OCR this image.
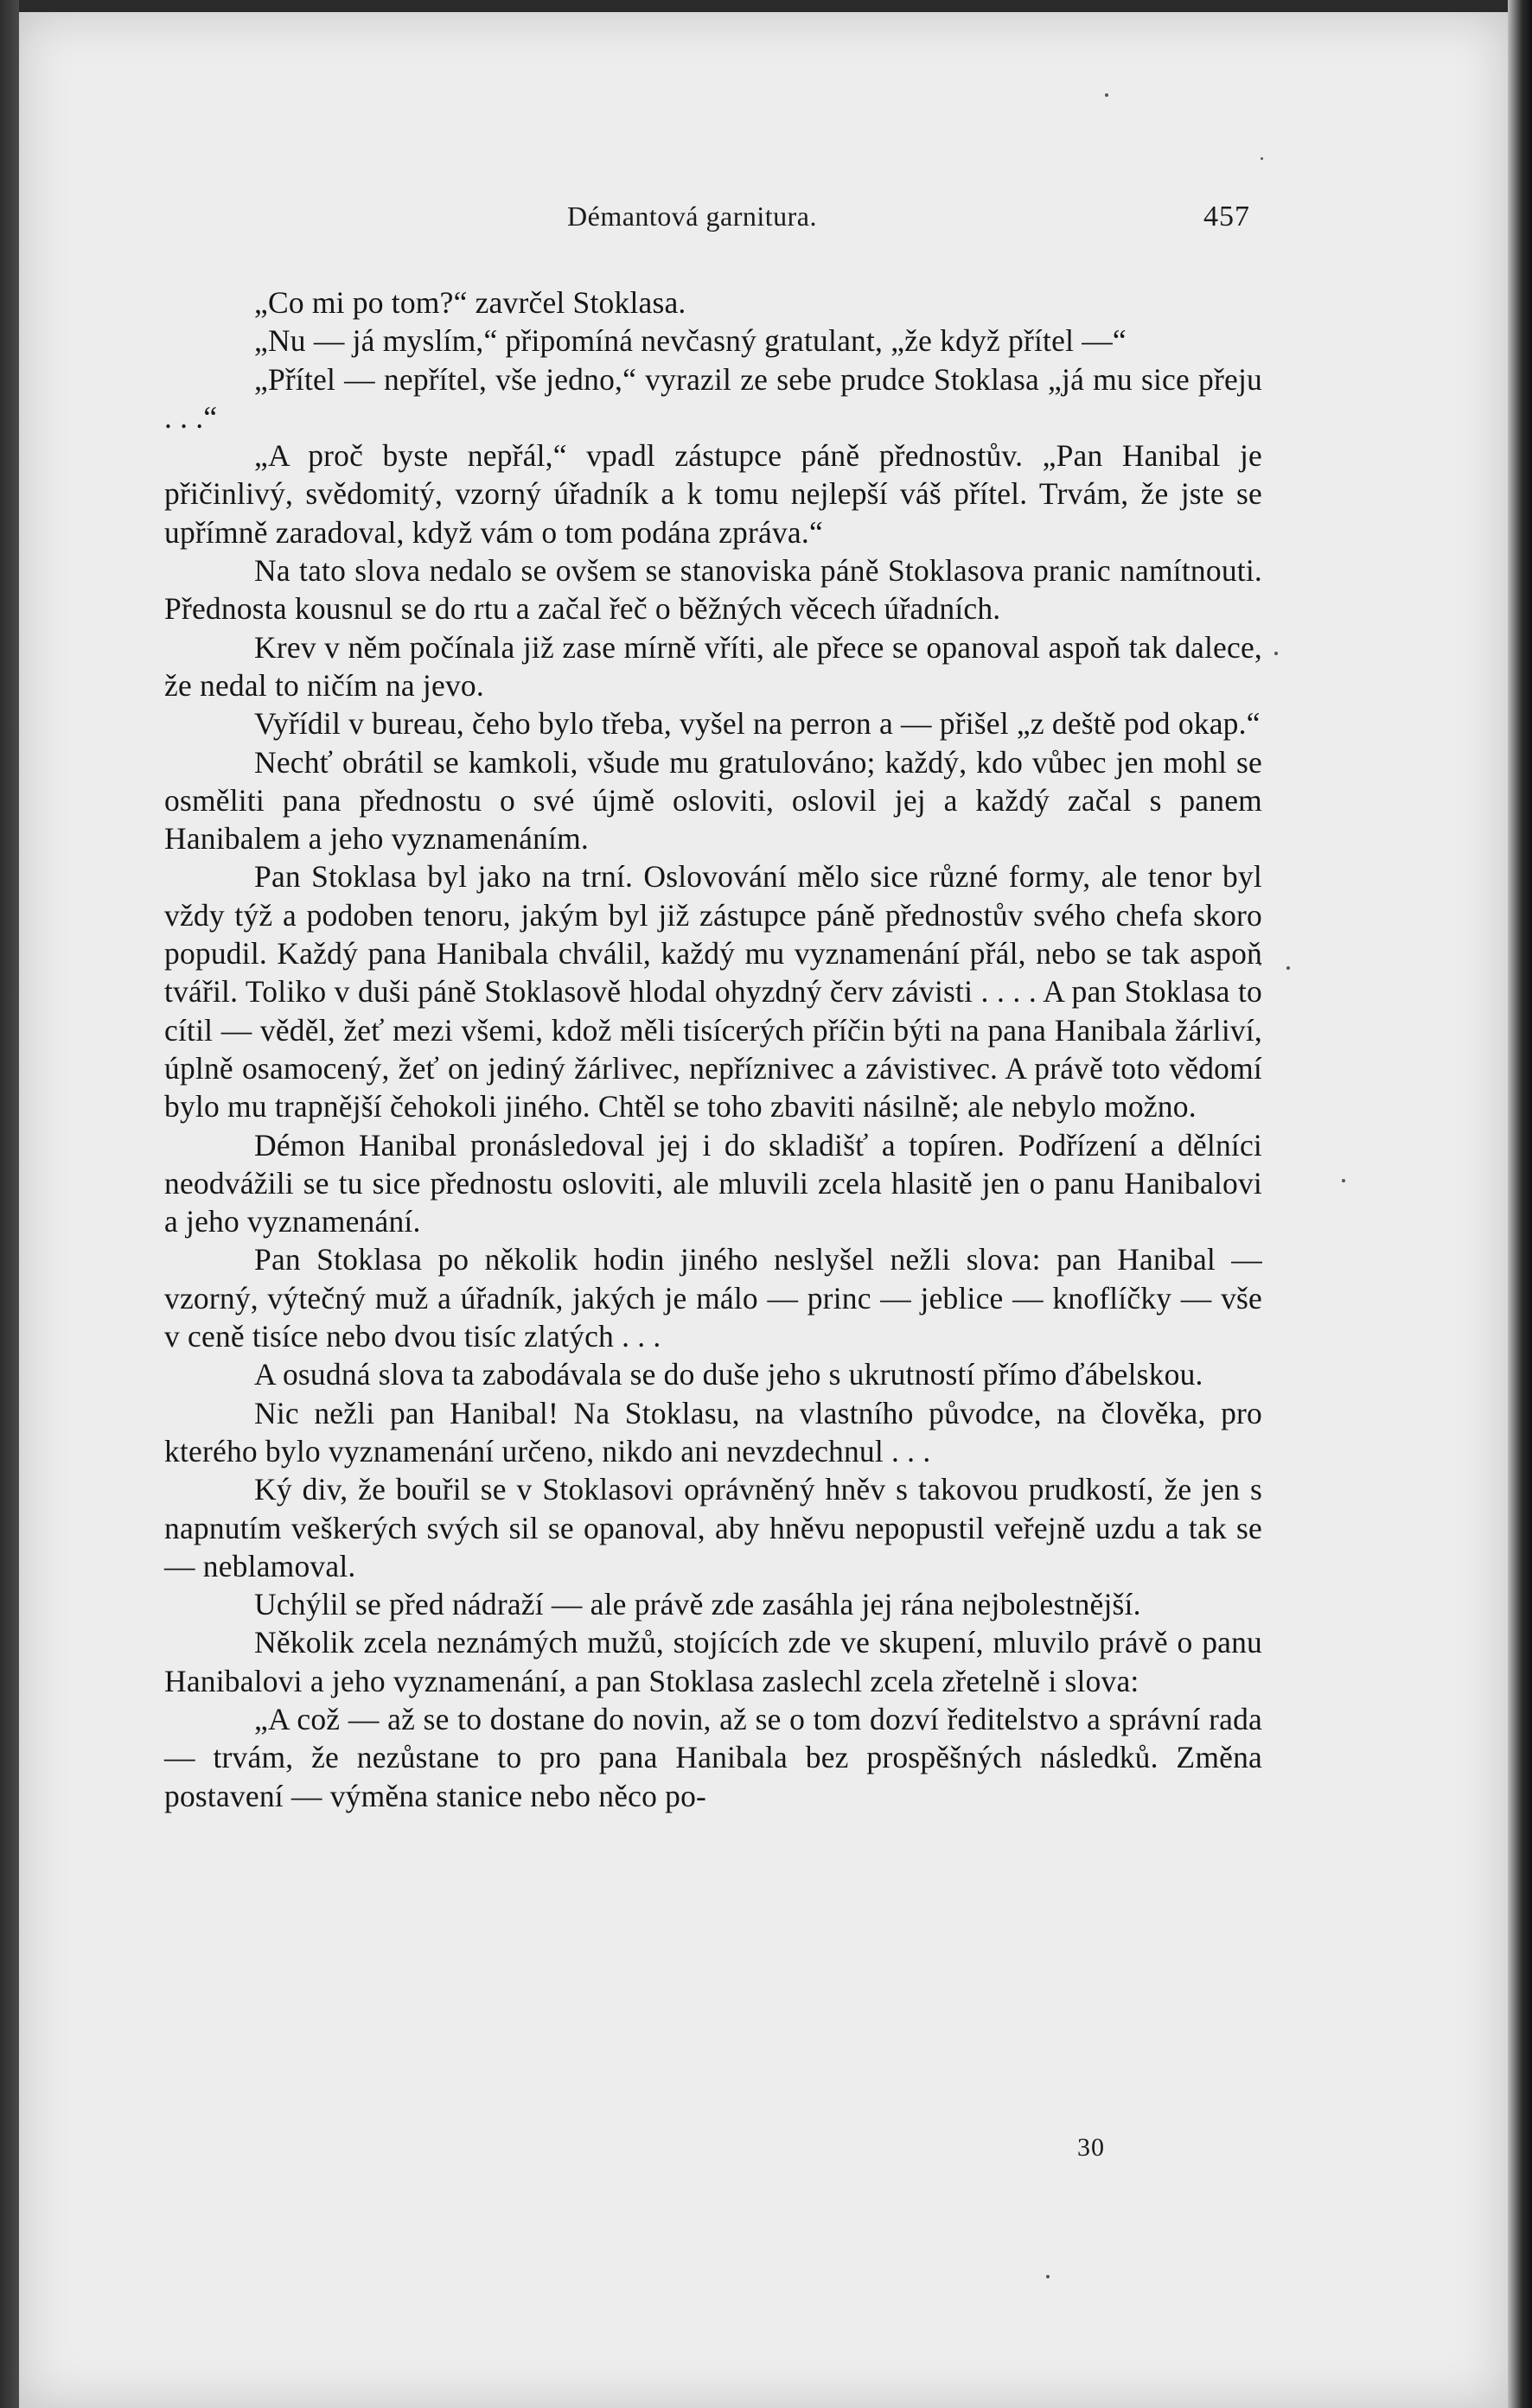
Démantová garnitura.	457

„Co mi po tom?“ zavrčel Stoklasa.

„Nu — já myslím,“ připomíná nevčasný gratulant, „že když přítel —“

„Přítel — nepřítel, vše jedno,“ vyrazil ze sebe prudce Stoklasa „já mu sice přeju . . .“

„A proč byste nepřál,“ vpadl zástupce páně přednostův. „Pan Hanibal je přičinlivý, svědomitý, vzorný úřadník a k tomu nejlepší váš přítel. Trvám, že jste se upřímně zaradoval, když vám o tom podána zpráva.“

Na tato slova nedalo se ovšem se stanoviska páně Stoklasova pranic namítnouti. Přednosta kousnul se do rtu a začal řeč o běžných věcech úřadních.

Krev v něm počínala již zase mírně vříti, ale přece se opanoval aspoň tak dalece, že nedal to ničím na jevo.

Vyřídil v bureau, čeho bylo třeba, vyšel na perron a — přišel „z deště pod okap.“

Nechť obrátil se kamkoli, všude mu gratulováno; každý, kdo vůbec jen mohl se osměliti pana přednostu o své újmě osloviti, oslovil jej a každý začal s panem Hanibalem a jeho vyznamenáním.

Pan Stoklasa byl jako na trní. Oslovování mělo sice různé formy, ale tenor byl vždy týž a podoben tenoru, jakým byl již zástupce páně přednostův svého chefa skoro popudil. Každý pana Hanibala chválil, každý mu vyznamenání přál, nebo se tak aspoň tvářil. Toliko v duši páně Stoklasově hlodal ohyzdný červ závisti . . . . A pan Stoklasa to cítil — věděl, žeť mezi všemi, kdož měli tisícerých příčin býti na pana Hanibala žárliví, úplně osamocený, žeť on jediný žárlivec, nepříznivec a závistivec. A právě toto vědomí bylo mu trapnější čehokoli jiného. Chtěl se toho zbaviti násilně; ale nebylo možno.

Démon Hanibal pronásledoval jej i do skladišť a topíren. Podřízení a dělníci neodvážili se tu sice přednostu osloviti, ale mluvili zcela hlasitě jen o panu Hanibalovi a jeho vyznamenání.

Pan Stoklasa po několik hodin jiného neslyšel nežli slova: pan Hanibal — vzorný, výtečný muž a úřadník, jakých je málo — princ — jeblice — knoflíčky — vše v ceně tisíce nebo dvou tisíc zlatých . . .

A osudná slova ta zabodávala se do duše jeho s ukrutností přímo ďábelskou.

Nic nežli pan Hanibal! Na Stoklasu, na vlastního původce, na člověka, pro kterého bylo vyznamenání určeno, nikdo ani nevzdechnul . . .

Ký div, že bouřil se v Stoklasovi oprávněný hněv s takovou prudkostí, že jen s napnutím veškerých svých sil se opanoval, aby hněvu nepopustil veřejně uzdu a tak se — neblamoval.

Uchýlil se před nádraží — ale právě zde zasáhla jej rána nejbolestnější.

Několik zcela neznámých mužů, stojících zde ve skupení, mluvilo právě o panu Hanibalovi a jeho vyznamenání, a pan Stoklasa zaslechl zcela zřetelně i slova:

„A což — až se to dostane do novin, až se o tom dozví ředitelstvo a správní rada — trvám, že nezůstane to pro pana Hanibala bez prospěšných následků. Změna postavení — výměna stanice nebo něco po-

30
